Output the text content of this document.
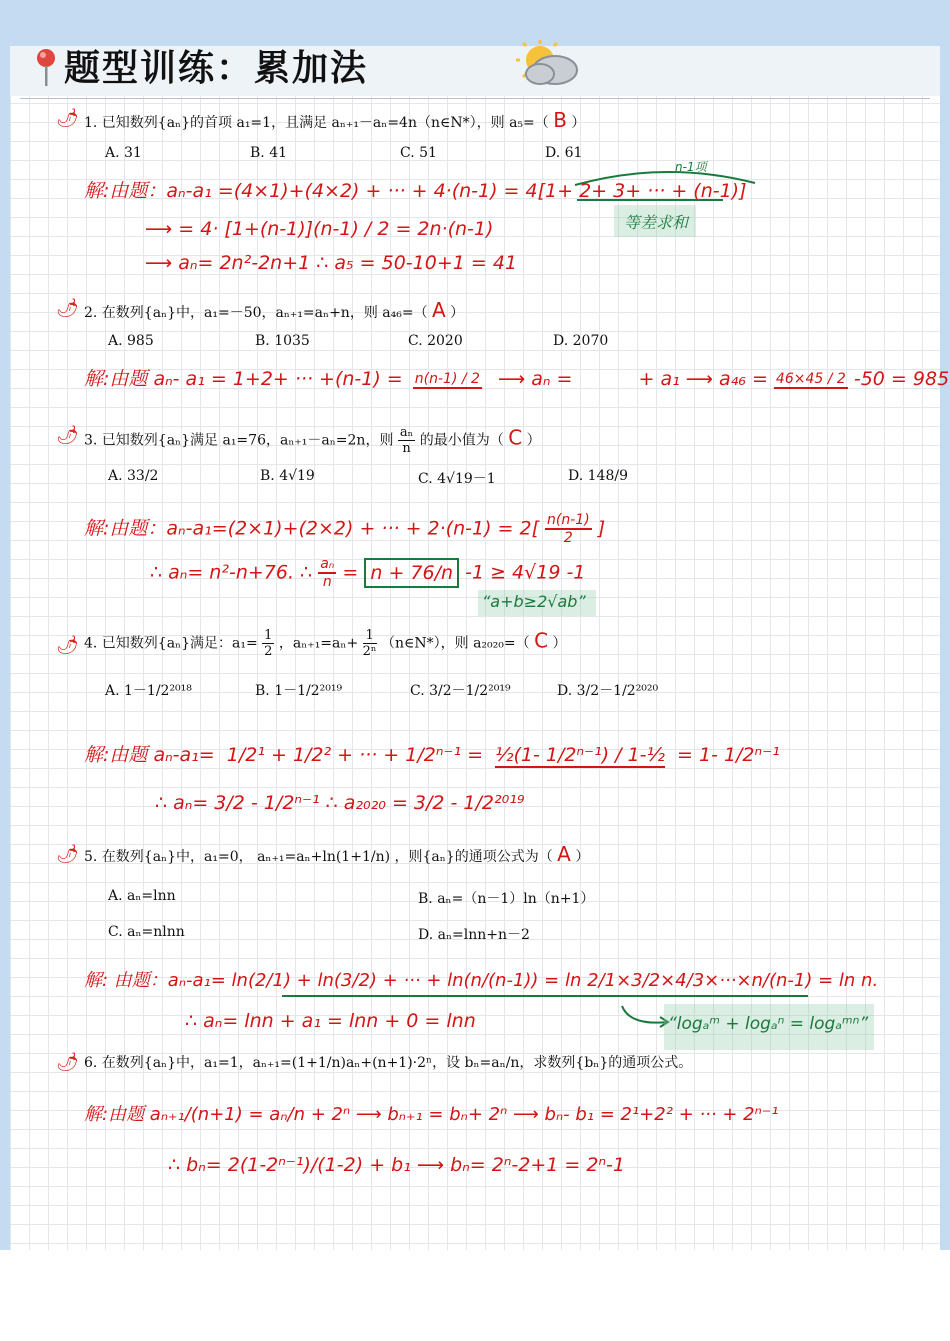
题型训练：累加法
🌶 1. 已知数列{aₙ}的首项 a₁=1，且满足 aₙ₊₁－aₙ=4n（n∈N*），则 a₅=（ B ）
A. 31	B. 41	C. 51	D. 61
n-1项
解:由题：aₙ-a₁ =(4×1)+(4×2) + ··· + 4·(n-1) = 4[1+ 2+ 3+ ··· + (n-1)]
等差求和
⟶ = 4· [1+(n-1)](n-1) / 2 = 2n·(n-1)
⟶ aₙ= 2n²-2n+1 ∴ a₅ = 50-10+1 = 41
🌶 2. 在数列{aₙ}中，a₁=－50，aₙ₊₁=aₙ+n，则 a₄₆=（ A ）
A. 985	B. 1035	C. 2020	D. 2070
解:由题 aₙ- a₁ = 1+2+ ··· +(n-1) = n(n-1) / 2 ⟶ aₙ =	+ a₁ ⟶ a₄₆ = 46×45 / 2 -50 = 985
🌶 3. 已知数列{aₙ}满足 a₁=76，aₙ₊₁－aₙ=2n，则 $\frac{\text{aₙ}}{n}$ 的最小值为（ C ）
A. 33/2	B. 4√19	C. 4√19－1	D. 148/9
解:由题：aₙ-a₁=(2×1)+(2×2) + ··· + $2\cdot(n-1) = 2[ \frac{n(n-1)}{2}$ ]
∴ aₙ= n²-n+76. ∴ $\frac{\text{aₙ}}{n} = n + 76/n$ -1 ≥ 4√19 -1
“a+b≥2√ab”
🌶 4. 已知数列{aₙ}满足：$a_1= \frac{1}{2}$ ，$a_{n+1}=a_n+ \frac{1}{\text{2ⁿ}}$ （n∈N*），则 a₂₀₂₀=（ C ）
A. 1－1/2²⁰¹⁸	B. 1－1/2²⁰¹⁹	C. 3/2－1/2²⁰¹⁹	D. 3/2－1/2²⁰²⁰
解:由题 aₙ-a₁= 1/2¹ + 1/2² + ··· + 1/2ⁿ⁻¹ = ½(1- 1/2ⁿ⁻¹) / 1-½ = 1- 1/2ⁿ⁻¹
∴ aₙ= 3/2 - 1/2ⁿ⁻¹ ∴ a₂₀₂₀ = 3/2 - 1/2²⁰¹⁹
🌶 5. 在数列{aₙ}中，a₁=0， aₙ₊₁=aₙ+ln(1+1/n) ，则{aₙ}的通项公式为（ A ）
A. aₙ=lnn	B. aₙ=（n－1）ln（n+1）
C. aₙ=nlnn	D. aₙ=lnn+n－2
解: 由题：aₙ-a₁= ln(2/1) + ln(3/2) + ··· + ln(n/(n-1)) = ln 2/1×3/2×4/3×···×n/(n-1) = ln n.
∴ aₙ= lnn + a₁ = lnn + 0 = lnn	“logₐᵐ + logₐⁿ = logₐᵐⁿ”
🌶 6. 在数列{aₙ}中，a₁=1，aₙ₊₁=(1+1/n)aₙ+(n+1)·2ⁿ，设 bₙ=aₙ/n，求数列{bₙ}的通项公式。
解:由题 aₙ₊₁/(n+1) = aₙ/n + 2ⁿ ⟶ bₙ₊₁ = bₙ+ 2ⁿ ⟶ bₙ- b₁ = 2¹+2² + ··· + 2ⁿ⁻¹
∴ bₙ= 2(1-2ⁿ⁻¹)/(1-2) + b₁ ⟶ bₙ= 2ⁿ-2+1 = 2ⁿ-1
